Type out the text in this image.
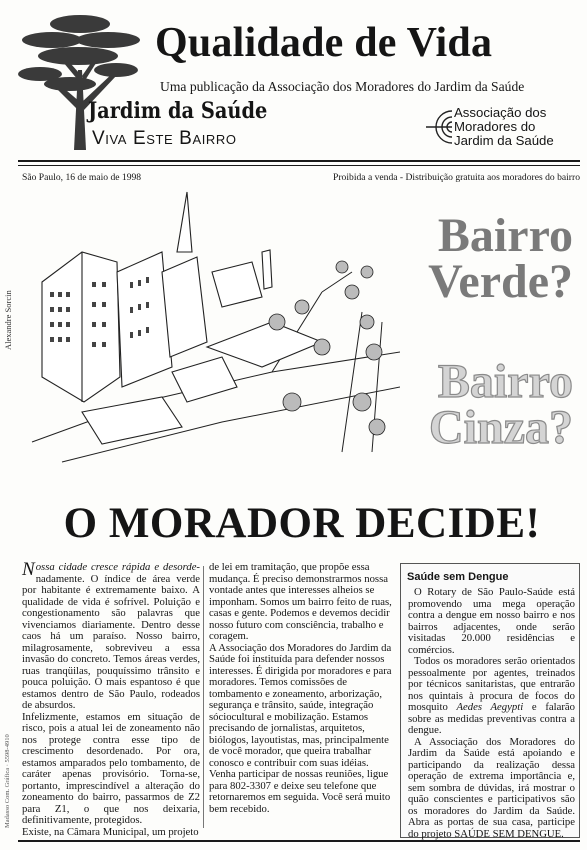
Qualidade de Vida
Uma publicação da Associação dos Moradores do Jardim da Saúde
Jardim da Saúde
Viva Este Bairro
Associação dos
Moradores do
Jardim da Saúde
São Paulo, 16 de maio de 1998	Proibida a venda - Distribuição gratuita aos moradores do bairro
Alexandre Sorcin
Bairro
Verde?
Bairro
Cinza?
O MORADOR DECIDE!

Nossa cidade cresce rápida e desorde- nadamente. O índice de área verde por habitante é extremamente baixo. A qualidade de vida é sofrível. Poluição e congestionamento são palavras que vivenciamos diariamente. Dentro desse caos há um paraíso. Nosso bairro, milagrosamente, sobreviveu a essa invasão do concreto. Temos áreas verdes, ruas tranqüilas, pouquíssimo trânsito e pouca poluição. O mais espantoso é que estamos dentro de São Paulo, rodeados de absurdos.

Infelizmente, estamos em situação de risco, pois a atual lei de zoneamento não nos protege contra esse tipo de crescimento desordenado. Por ora, estamos amparados pelo tombamento, de caráter apenas provisório. Torna-se, portanto, imprescindível a alteração do zoneamento do bairro, passarmos de Z2 para Z1, o que nos deixaria, definitivamente, protegidos.

Existe, na Câmara Municipal, um projeto

de lei em tramitação, que propõe essa mudança. É preciso demonstrarmos nossa vontade antes que interesses alheios se imponham. Somos um bairro feito de ruas, casas e gente. Podemos e devemos decidir nosso futuro com consciência, trabalho e coragem.

A Associação dos Moradores do Jardim da Saúde foi instituída para defender nossos interesses. É dirigida por moradores e para moradores. Temos comissões de tombamento e zoneamento, arborização, segurança e trânsito, saúde, integração sóciocultural e mobilização. Estamos precisando de jornalistas, arquitetos, biólogos, layoutistas, mas, principalmente de você morador, que queira trabalhar conosco e contribuir com suas idéias.

Venha participar de nossas reuniões, ligue para 802-3307 e deixe seu telefone que retornaremos em seguida. Você será muito bem recebido.

Saúde sem Dengue

O Rotary de São Paulo-Saúde está promovendo uma mega operação contra a dengue em nosso bairro e nos bairros adjacentes, onde serão visitadas 20.000 residências e comércios.

Todos os moradores serão orientados pessoalmente por agentes, treinados por técnicos sanitaristas, que entrarão nos quintais à procura de focos do mosquito Aedes Aegypti e falarão sobre as medidas preventivas contra a dengue.

A Associação dos Moradores do Jardim da Saúde está apoiando e participando da realização dessa operação de extrema importância e, sem sombra de dúvidas, irá mostrar o quão conscientes e participativos são os moradores do Jardim da Saúde. Abra as portas de sua casa, participe do projeto SAÚDE SEM DENGUE.

Madasso Com. Gráfica · 5598-4910
